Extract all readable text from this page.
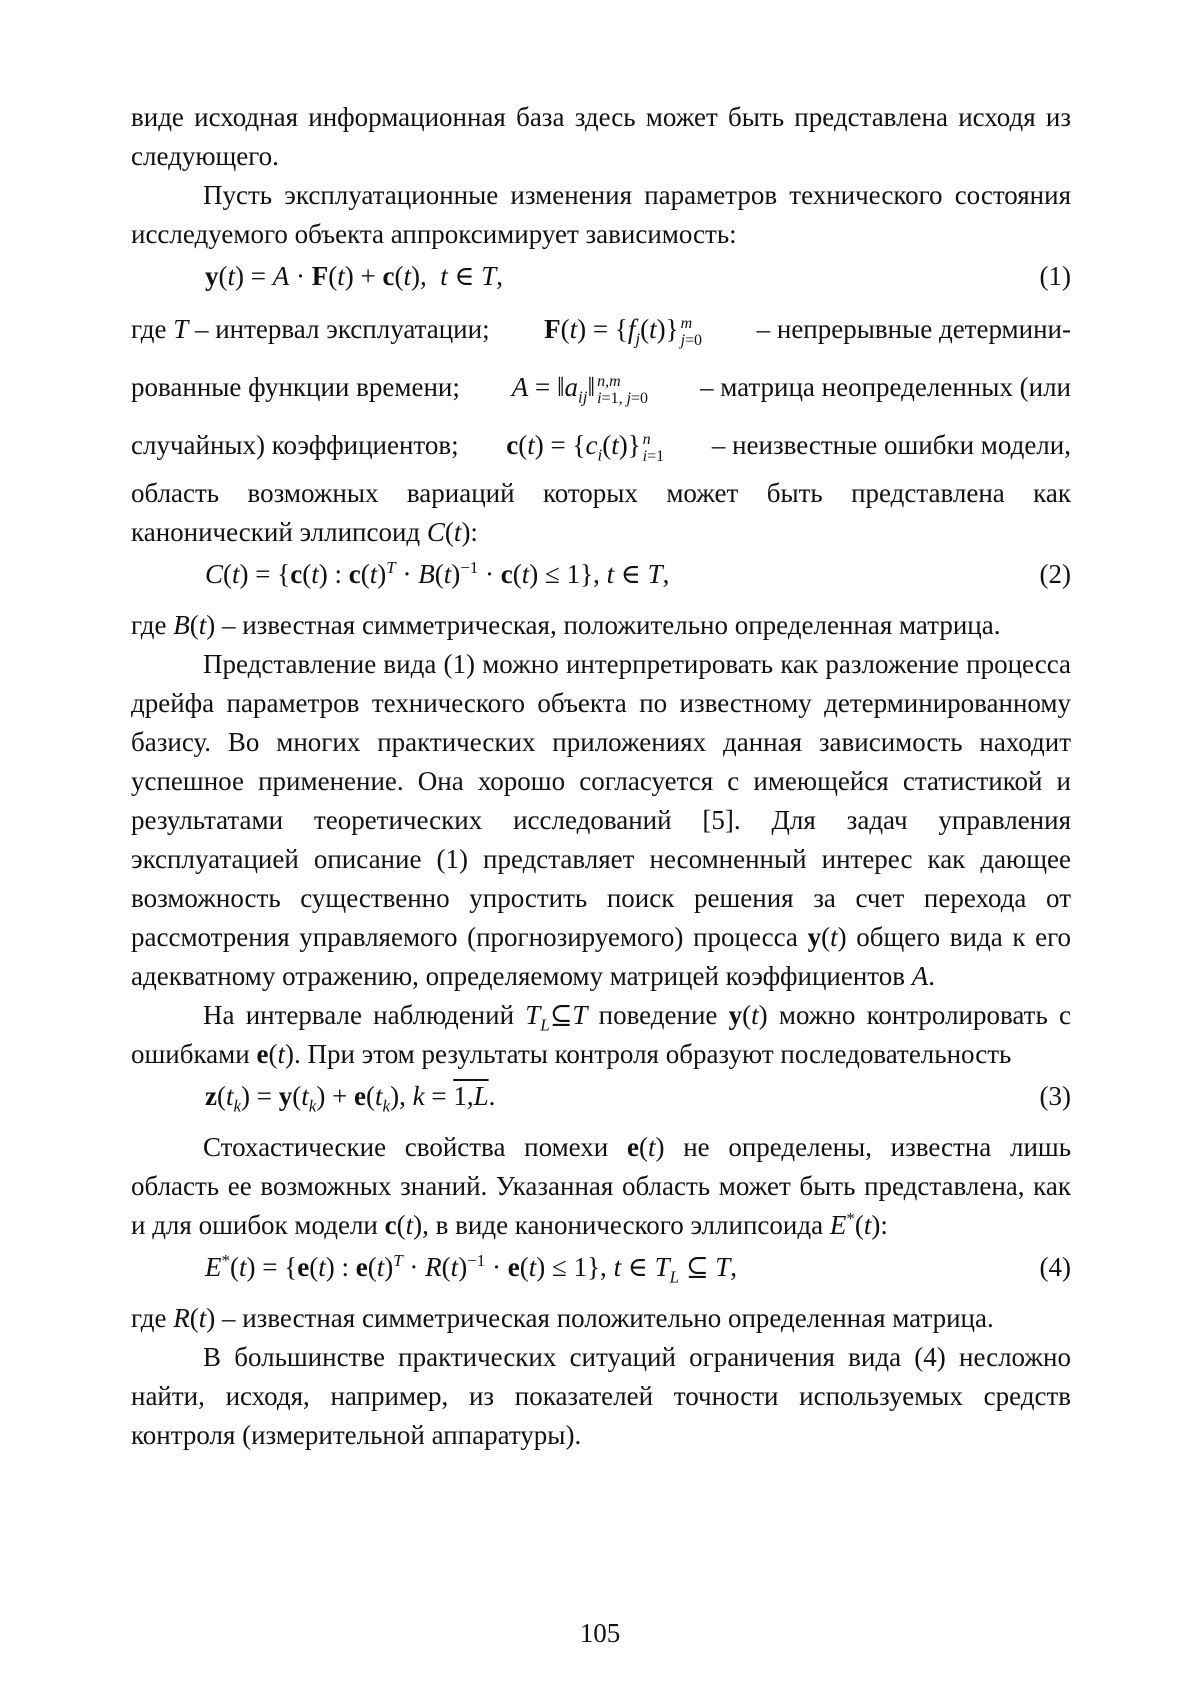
виде исходная информационная база здесь может быть представлена исходя из следующего.

Пусть эксплуатационные изменения параметров технического состояния исследуемого объекта аппроксимирует зависимость:

y(t) = A · F(t) + c(t),  t ∈ T,	(1)
где T – интервал эксплуатации; $F(t) = \{f_j(t)\}$ m
j=0 – непрерывные детермини-
рованные функции времени; $A = ‖a_{ij}‖$ n,m
i=1, j=0 – матрица неопределенных (или
случайных) коэффициентов; $c(t) = \{c_i(t)\}$ n
i=1 – неизвестные ошибки модели,

область возможных вариаций которых может быть представлена как канонический эллипсоид C(t):

C(t) = {c(t) : $c(t)^T \cdot B(t)^{-1} \cdot c(t) \le 1$}, t ∈ T,	(2)

где B(t) – известная симметрическая, положительно определенная матрица.

Представление вида (1) можно интерпретировать как разложение процесса дрейфа параметров технического объекта по известному детерминированному базису. Во многих практических приложениях данная зависимость находит успешное применение. Она хорошо согласуется с имеющейся статистикой и результатами теоретических исследований [5]. Для задач управления эксплуатацией описание (1) представляет несомненный интерес как дающее возможность существенно упростить поиск решения за счет перехода от рассмотрения управляемого (прогнозируемого) процесса y(t) общего вида к его адекватному отражению, определяемому матрицей коэффициентов A.

На интервале наблюдений $T_L⊆T$ поведение y(t) можно контролировать с ошибками e(t). При этом результаты контроля образуют последовательность

$z(t_k) = y(t_k) + e(t_k)$, k = 1,L.	(3)

Стохастические свойства помехи e(t) не определены, известна лишь область ее возможных знаний. Указанная область может быть представлена, как и для ошибок модели c(t), в виде канонического эллипсоида E*(t):

E*(t) = {e(t) : $e(t)^T \cdot R(t)^{-1} \cdot e(t) \le 1$}, t ∈ $T_L$ ⊆ T,	(4)

где R(t) – известная симметрическая положительно определенная матрица.

В большинстве практических ситуаций ограничения вида (4) несложно найти, исходя, например, из показателей точности используемых средств контроля (измерительной аппаратуры).

105
